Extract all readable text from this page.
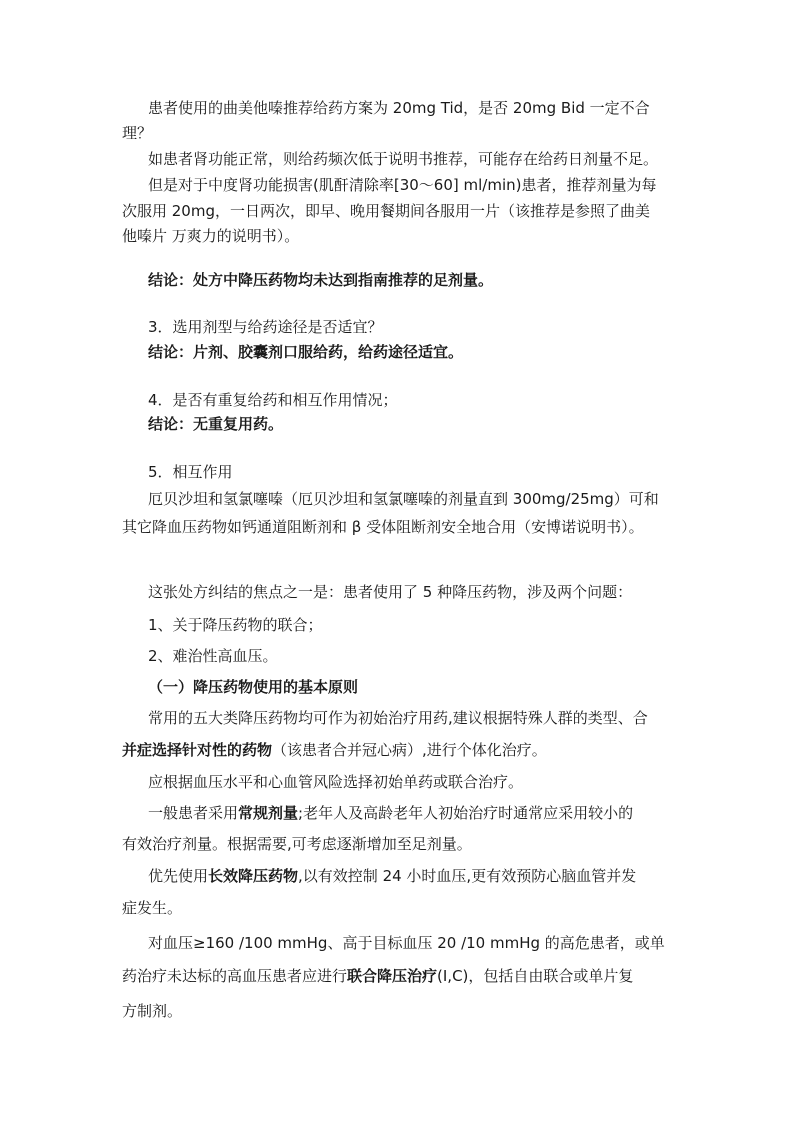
患者使用的曲美他嗪推荐给药方案为 20mg Tid，是否 20mg Bid 一定不合

理？

如患者肾功能正常，则给药频次低于说明书推荐，可能存在给药日剂量不足。

但是对于中度肾功能损害(肌酐清除率[30～60] ml/min)患者，推荐剂量为每

次服用 20mg，一日两次，即早、晚用餐期间各服用一片（该推荐是参照了曲美

他嗪片 万爽力的说明书）。

结论：处方中降压药物均未达到指南推荐的足剂量。

3．选用剂型与给药途径是否适宜？

结论：片剂、胶囊剂口服给药，给药途径适宜。

4．是否有重复给药和相互作用情况；

结论：无重复用药。

5．相互作用

厄贝沙坦和氢氯噻嗪（厄贝沙坦和氢氯噻嗪的剂量直到 300mg/25mg）可和

其它降血压药物如钙通道阻断剂和 β 受体阻断剂安全地合用（安博诺说明书）。

这张处方纠结的焦点之一是：患者使用了 5 种降压药物，涉及两个问题：

1、关于降压药物的联合；

2、难治性高血压。

（一）降压药物使用的基本原则

常用的五大类降压药物均可作为初始治疗用药,建议根据特殊人群的类型、合

并症选择针对性的药物（该患者合并冠心病）,进行个体化治疗。

应根据血压水平和心血管风险选择初始单药或联合治疗。

一般患者采用常规剂量;老年人及高龄老年人初始治疗时通常应采用较小的

有效治疗剂量。根据需要,可考虑逐渐增加至足剂量。

优先使用长效降压药物,以有效控制 24 小时血压,更有效预防心脑血管并发

症发生。

对血压≥160 /100 mmHg、高于目标血压 20 /10 mmHg 的高危患者，或单

药治疗未达标的高血压患者应进行联合降压治疗(Ⅰ,C)，包括自由联合或单片复

方制剂。
